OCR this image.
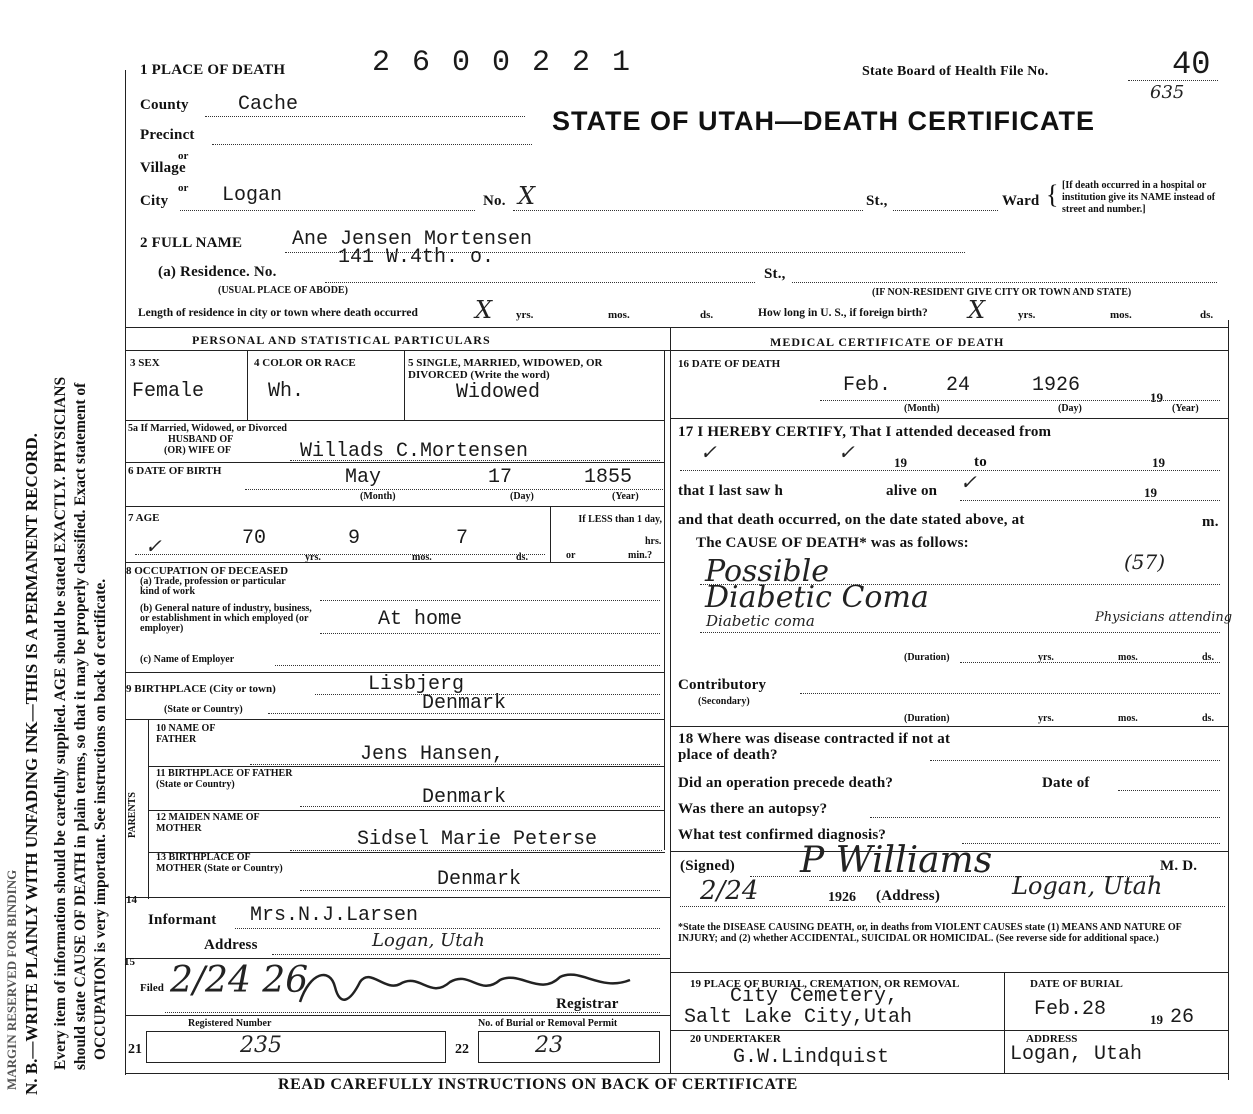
MARGIN RESERVED FOR BINDING N. B.—WRITE PLAINLY WITH UNFADING INK—THIS IS A PERMANENT RECORD. Every item of information should be carefully supplied. AGE should be stated EXACTLY. PHYSICIANS should state CAUSE OF DEATH in plain terms, so that it may be properly classified. Exact statement of OCCUPATION is very important. See instructions on back of certificate.
1 PLACE OF DEATH	2 6 0 0 2 2 1	State Board of Health File No.	40
635
STATE OF UTAH—DEATH CERTIFICATE
County Cache
Precinct
or
Village
or
City	Logan	No. X	St.,	Ward { [If death occurred in a hospital or institution give its NAME instead of street and number.]
2 FULL NAME Ane Jensen Mortensen
(a) Residence. No.
141 W.4th. o.
St.,
(USUAL PLACE OF ABODE)	(IF NON-RESIDENT GIVE CITY OR TOWN AND STATE)
Length of residence in city or town where death occurred X yrs.	mos.	ds.	How long in U. S., if foreign birth? X	yrs.	mos.	ds.
PERSONAL AND STATISTICAL PARTICULARS	MEDICAL CERTIFICATE OF DEATH
3 SEX
Female
4 COLOR OR RACE
Wh.
5 SINGLE, MARRIED, WIDOWED, OR DIVORCED (Write the word)
Widowed
5a If Married, Widowed, or Divorced
HUSBAND OF
(OR) WIFE OF	Willads C.Mortensen
6 DATE OF BIRTH	May	17	1855
(Month)	(Day)	(Year)
7 AGE
✓	70	9	7
yrs.	mos.	ds.
If LESS than 1 day,
hrs.
or	min.?
8 OCCUPATION OF DECEASED
(a) Trade, profession or particular kind of work
(b) General nature of industry, business, or establishment in which employed (or employer)	At home
(c) Name of Employer
9 BIRTHPLACE (City or town)	Lisbjerg
(State or Country)	Denmark
PARENTS
10 NAME OF FATHER
Jens Hansen,
11 BIRTHPLACE OF FATHER (State or Country)
Denmark
12 MAIDEN NAME OF MOTHER	Sidsel Marie Peterse
13 BIRTHPLACE OF MOTHER (State or Country)	Denmark
14
Informant Mrs.N.J.Larsen
Address	Logan, Utah
15
Filed 2/24 26
Registrar
Registered Number	No. of Burial or Removal Permit
21	235	22	23
16 DATE OF DEATH
Feb.	24	1926
19
(Month)	(Day)	(Year)
17 I HEREBY CERTIFY, That I attended deceased from
✓	✓	19	to	19
that I last saw h	alive on ✓	19
and that death occurred, on the date stated above, at	m.
The CAUSE OF DEATH* was as follows:
Possible	(57)
Diabetic Coma
Diabetic coma	Physicians attending
(Duration)	yrs.	mos.	ds.
Contributory
(Secondary)
(Duration)	yrs.	mos.	ds.
18 Where was disease contracted if not at place of death?
Did an operation precede death?	Date of
Was there an autopsy?
What test confirmed diagnosis?
(Signed) P Williams	M. D.
2/24	1926 (Address)	Logan, Utah
*State the DISEASE CAUSING DEATH, or, in deaths from VIOLENT CAUSES state (1) MEANS AND NATURE OF INJURY; and (2) whether ACCIDENTAL, SUICIDAL OR HOMICIDAL. (See reverse side for additional space.)
19 PLACE OF BURIAL, CREMATION, OR REMOVAL
City Cemetery,
Salt Lake City,Utah
DATE OF BURIAL
Feb.28	19 26
20 UNDERTAKER
G.W.Lindquist
ADDRESS
Logan, Utah
READ CAREFULLY INSTRUCTIONS ON BACK OF CERTIFICATE
